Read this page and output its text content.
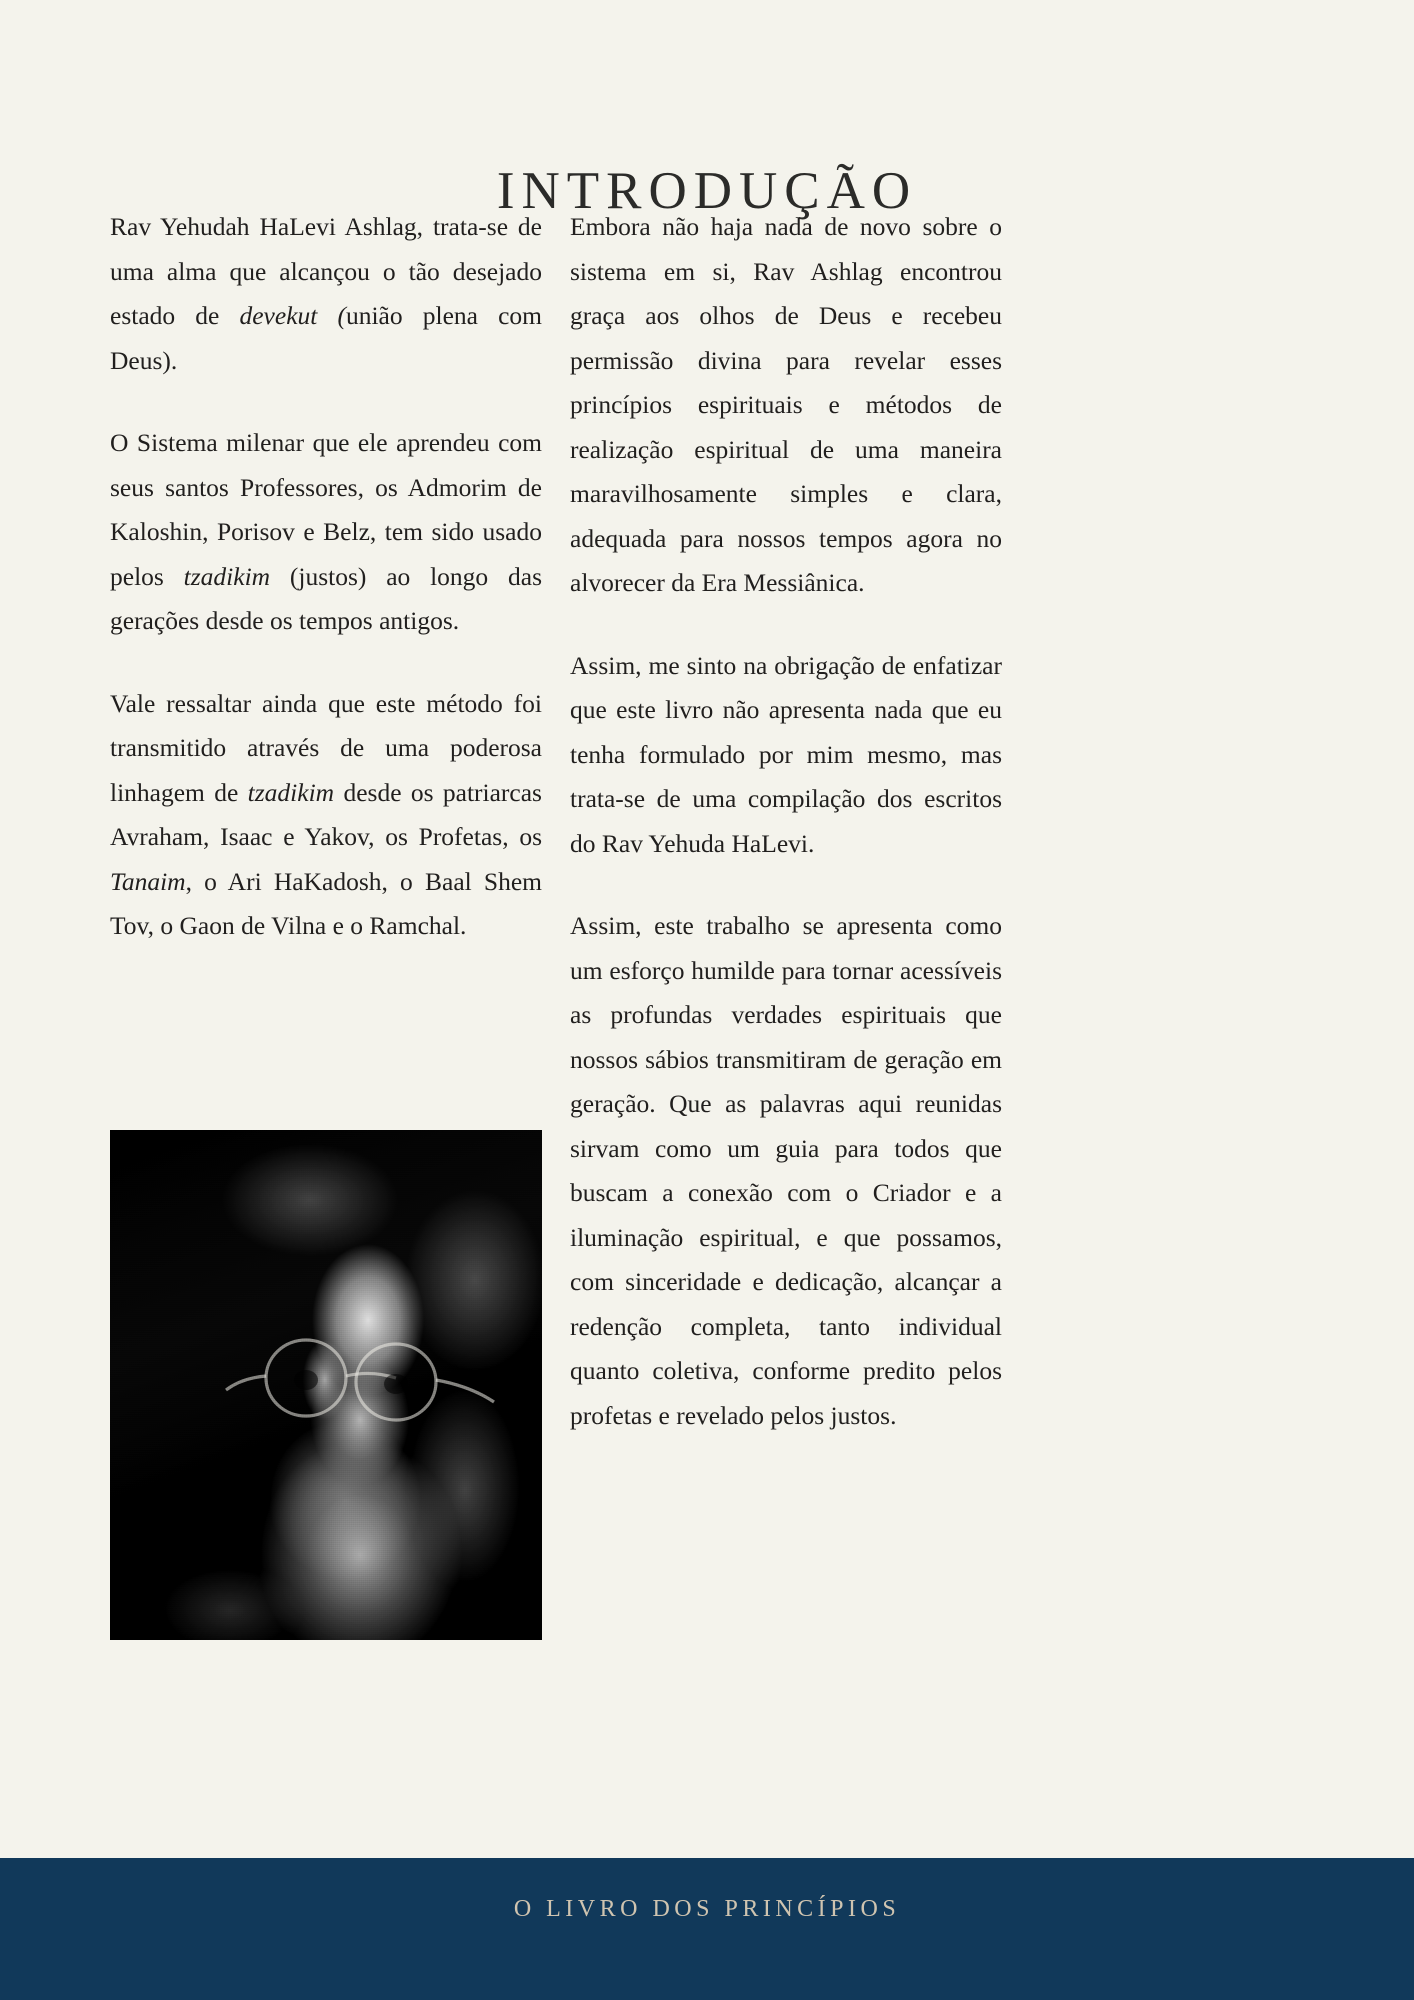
INTRODUÇÃO

Rav Yehudah HaLevi Ashlag, trata-se de uma alma que alcançou o tão desejado estado de devekut (união plena com Deus).

O Sistema milenar que ele aprendeu com seus santos Professores, os Admorim de Kaloshin, Porisov e Belz, tem sido usado pelos tzadikim (justos) ao longo das gerações desde os tempos antigos.

Vale ressaltar ainda que este método foi transmitido através de uma poderosa linhagem de tzadikim desde os patriarcas Avraham, Isaac e Yakov, os Profetas, os Tanaim, o Ari HaKadosh, o Baal Shem Tov, o Gaon de Vilna e o Ramchal.

Embora não haja nada de novo sobre o sistema em si, Rav Ashlag encontrou graça aos olhos de Deus e recebeu permissão divina para revelar esses princípios espirituais e métodos de realização espiritual de uma maneira maravilhosamente simples e clara, adequada para nossos tempos agora no alvorecer da Era Messiânica.

Assim, me sinto na obrigação de enfatizar que este livro não apresenta nada que eu tenha formulado por mim mesmo, mas trata-se de uma compilação dos escritos do Rav Yehuda HaLevi.

Assim, este trabalho se apresenta como um esforço humilde para tornar acessíveis as profundas verdades espirituais que nossos sábios transmitiram de geração em geração. Que as palavras aqui reunidas sirvam como um guia para todos que buscam a conexão com o Criador e a iluminação espiritual, e que possamos, com sinceridade e dedicação, alcançar a redenção completa, tanto individual quanto coletiva, conforme predito pelos profetas e revelado pelos justos.

O LIVRO DOS PRINCÍPIOS
